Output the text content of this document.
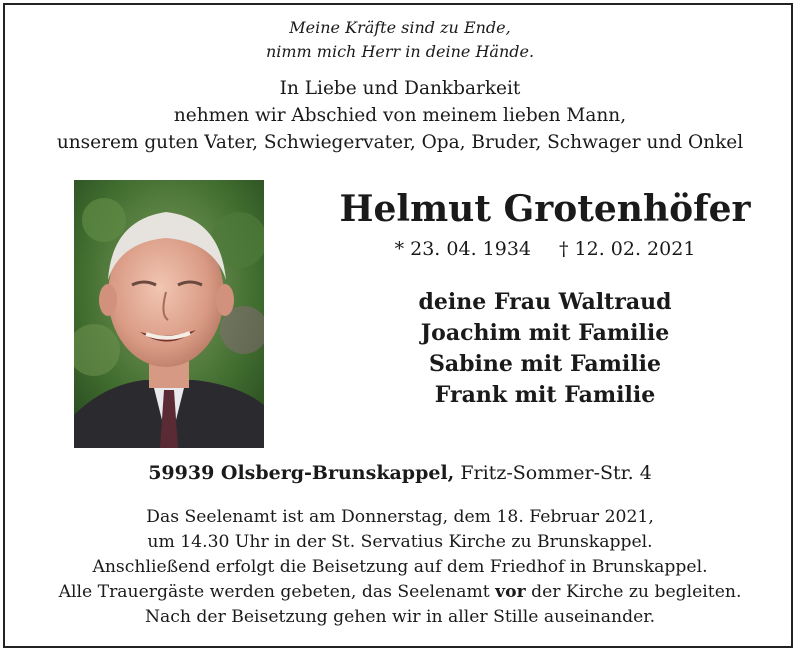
Meine Kräfte sind zu Ende,
nimm mich Herr in deine Hände.
In Liebe und Dankbarkeit
nehmen wir Abschied von meinem lieben Mann,
unserem guten Vater, Schwiegervater, Opa, Bruder, Schwager und Onkel
Helmut Grotenhöfer
* 23. 04. 1934 † 12. 02. 2021
deine Frau Waltraud
Joachim mit Familie
Sabine mit Familie
Frank mit Familie
59939 Olsberg-Brunskappel, Fritz-Sommer-Str. 4
Das Seelenamt ist am Donnerstag, dem 18. Februar 2021,
um 14.30 Uhr in der St. Servatius Kirche zu Brunskappel.
Anschließend erfolgt die Beisetzung auf dem Friedhof in Brunskappel.
Alle Trauergäste werden gebeten, das Seelenamt vor der Kirche zu begleiten.
Nach der Beisetzung gehen wir in aller Stille auseinander.
